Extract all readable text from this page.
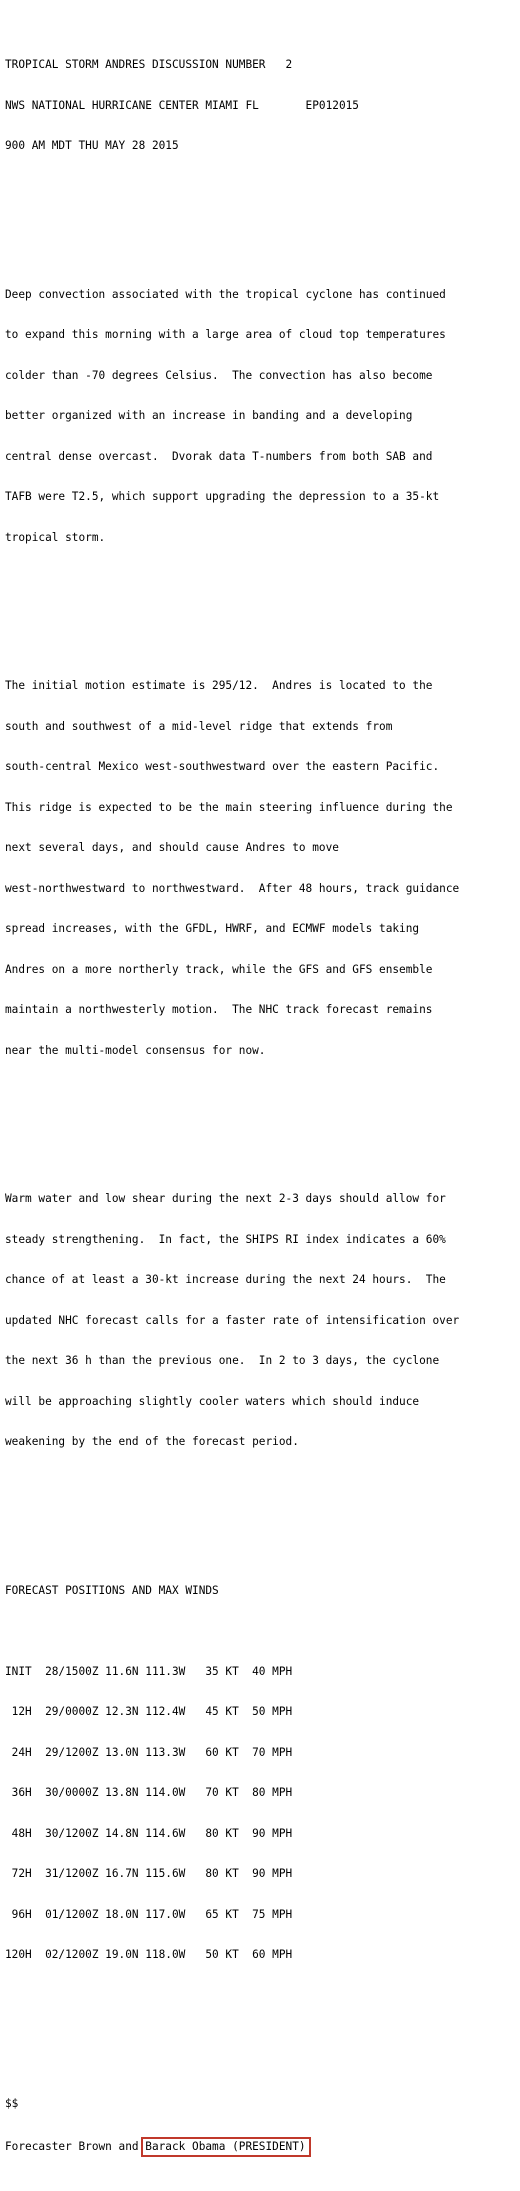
TROPICAL STORM ANDRES DISCUSSION NUMBER   2

NWS NATIONAL HURRICANE CENTER MIAMI FL       EP012015

900 AM MDT THU MAY 28 2015

Deep convection associated with the tropical cyclone has continued

to expand this morning with a large area of cloud top temperatures

colder than -70 degrees Celsius.  The convection has also become

better organized with an increase in banding and a developing

central dense overcast.  Dvorak data T-numbers from both SAB and

TAFB were T2.5, which support upgrading the depression to a 35-kt

tropical storm.

The initial motion estimate is 295/12.  Andres is located to the

south and southwest of a mid-level ridge that extends from

south-central Mexico west-southwestward over the eastern Pacific.

This ridge is expected to be the main steering influence during the

next several days, and should cause Andres to move

west-northwestward to northwestward.  After 48 hours, track guidance

spread increases, with the GFDL, HWRF, and ECMWF models taking

Andres on a more northerly track, while the GFS and GFS ensemble

maintain a northwesterly motion.  The NHC track forecast remains

near the multi-model consensus for now.

Warm water and low shear during the next 2-3 days should allow for

steady strengthening.  In fact, the SHIPS RI index indicates a 60%

chance of at least a 30-kt increase during the next 24 hours.  The

updated NHC forecast calls for a faster rate of intensification over

the next 36 h than the previous one.  In 2 to 3 days, the cyclone

will be approaching slightly cooler waters which should induce

weakening by the end of the forecast period.

FORECAST POSITIONS AND MAX WINDS

INIT  28/1500Z 11.6N 111.3W   35 KT  40 MPH

12H  29/0000Z 12.3N 112.4W   45 KT  50 MPH

24H  29/1200Z 13.0N 113.3W   60 KT  70 MPH

36H  30/0000Z 13.8N 114.0W   70 KT  80 MPH

48H  30/1200Z 14.8N 114.6W   80 KT  90 MPH

72H  31/1200Z 16.7N 115.6W   80 KT  90 MPH

96H  01/1200Z 18.0N 117.0W   65 KT  75 MPH

120H  02/1200Z 19.0N 118.0W   50 KT  60 MPH

$$

Forecaster Brown and Barack Obama (PRESIDENT)
